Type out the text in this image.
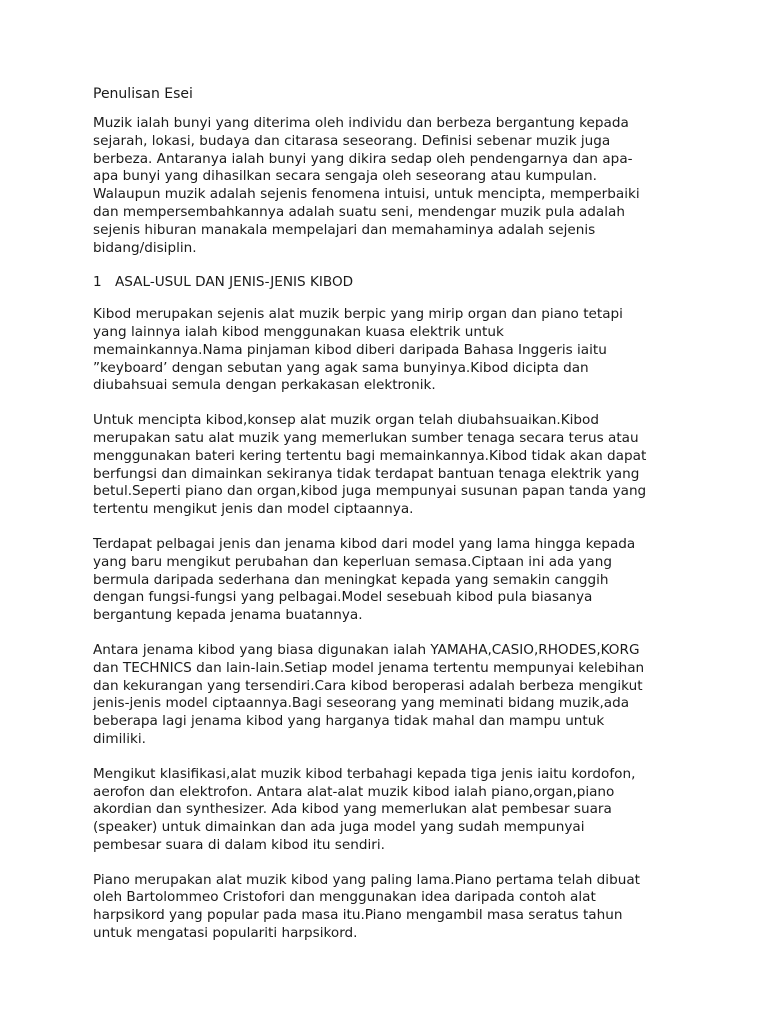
Penulisan Esei
Muzik ialah bunyi yang diterima oleh individu dan berbeza bergantung kepada
sejarah, lokasi, budaya dan citarasa seseorang. Definisi sebenar muzik juga
berbeza. Antaranya ialah bunyi yang dikira sedap oleh pendengarnya dan apa-
apa bunyi yang dihasilkan secara sengaja oleh seseorang atau kumpulan.
Walaupun muzik adalah sejenis fenomena intuisi, untuk mencipta, memperbaiki
dan mempersembahkannya adalah suatu seni, mendengar muzik pula adalah
sejenis hiburan manakala mempelajari dan memahaminya adalah sejenis
bidang/disiplin.
1 ASAL-USUL DAN JENIS-JENIS KIBOD
Kibod merupakan sejenis alat muzik berpic yang mirip organ dan piano tetapi
yang lainnya ialah kibod menggunakan kuasa elektrik untuk
memainkannya.Nama pinjaman kibod diberi daripada Bahasa Inggeris iaitu
”keyboard’ dengan sebutan yang agak sama bunyinya.Kibod dicipta dan
diubahsuai semula dengan perkakasan elektronik.
Untuk mencipta kibod,konsep alat muzik organ telah diubahsuaikan.Kibod
merupakan satu alat muzik yang memerlukan sumber tenaga secara terus atau
menggunakan bateri kering tertentu bagi memainkannya.Kibod tidak akan dapat
berfungsi dan dimainkan sekiranya tidak terdapat bantuan tenaga elektrik yang
betul.Seperti piano dan organ,kibod juga mempunyai susunan papan tanda yang
tertentu mengikut jenis dan model ciptaannya.
Terdapat pelbagai jenis dan jenama kibod dari model yang lama hingga kepada
yang baru mengikut perubahan dan keperluan semasa.Ciptaan ini ada yang
bermula daripada sederhana dan meningkat kepada yang semakin canggih
dengan fungsi-fungsi yang pelbagai.Model sesebuah kibod pula biasanya
bergantung kepada jenama buatannya.
Antara jenama kibod yang biasa digunakan ialah YAMAHA,CASIO,RHODES,KORG
dan TECHNICS dan lain-lain.Setiap model jenama tertentu mempunyai kelebihan
dan kekurangan yang tersendiri.Cara kibod beroperasi adalah berbeza mengikut
jenis-jenis model ciptaannya.Bagi seseorang yang meminati bidang muzik,ada
beberapa lagi jenama kibod yang harganya tidak mahal dan mampu untuk
dimiliki.
Mengikut klasifikasi,alat muzik kibod terbahagi kepada tiga jenis iaitu kordofon,
aerofon dan elektrofon. Antara alat-alat muzik kibod ialah piano,organ,piano
akordian dan synthesizer. Ada kibod yang memerlukan alat pembesar suara
(speaker) untuk dimainkan dan ada juga model yang sudah mempunyai
pembesar suara di dalam kibod itu sendiri.
Piano merupakan alat muzik kibod yang paling lama.Piano pertama telah dibuat
oleh Bartolommeo Cristofori dan menggunakan idea daripada contoh alat
harpsikord yang popular pada masa itu.Piano mengambil masa seratus tahun
untuk mengatasi populariti harpsikord.
